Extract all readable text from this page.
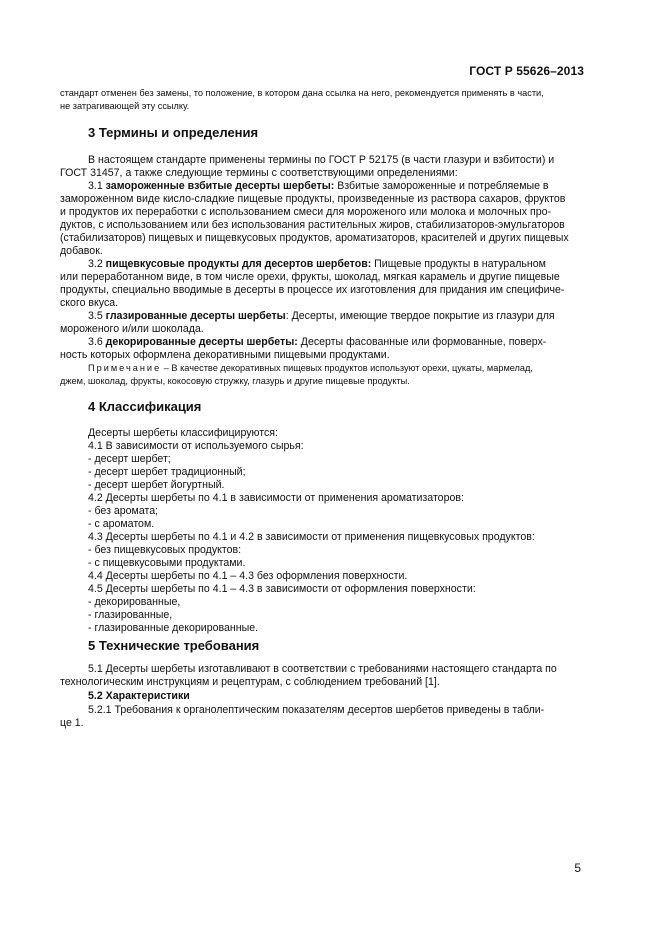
ГОСТ Р 55626–2013
стандарт отменен без замены, то положение, в котором дана ссылка на него, рекомендуется применять в части,
не затрагивающей эту ссылку.
3 Термины и определения
В настоящем стандарте применены термины по ГОСТ Р 52175 (в части глазури и взбитости) и
ГОСТ 31457, а также следующие термины с соответствующими определениями:
3.1 замороженные взбитые десерты шербеты: Взбитые замороженные и потребляемые в
замороженном виде кисло-сладкие пищевые продукты, произведенные из раствора сахаров, фруктов
и продуктов их переработки с использованием смеси для мороженого или молока и молочных про-
дуктов, с использованием или без использования растительных жиров, стабилизаторов-эмульгаторов
(стабилизаторов) пищевых и пищевкусовых продуктов, ароматизаторов, красителей и других пищевых
добавок.
3.2 пищевкусовые продукты для десертов шербетов: Пищевые продукты в натуральном
или переработанном виде, в том числе орехи, фрукты, шоколад, мягкая карамель и другие пищевые
продукты, специально вводимые в десерты в процессе их изготовления для придания им специфиче-
ского вкуса.
3.5 глазированные десерты шербеты: Десерты, имеющие твердое покрытие из глазури для
мороженого и/или шоколада.
3.6 декорированные десерты шербеты: Десерты фасованные или формованные, поверх-
ность которых оформлена декоративными пищевыми продуктами.
Примечание – В качестве декоративных пищевых продуктов используют орехи, цукаты, мармелад,
джем, шоколад, фрукты, кокосовую стружку, глазурь и другие пищевые продукты.
4 Классификация
Десерты шербеты классифицируются:
4.1 В зависимости от используемого сырья:
- десерт шербет;
- десерт шербет традиционный;
- десерт шербет йогуртный.
4.2 Десерты шербеты по 4.1 в зависимости от применения ароматизаторов:
- без аромата;
- с ароматом.
4.3 Десерты шербеты по 4.1 и 4.2 в зависимости от применения пищевкусовых продуктов:
- без пищевкусовых продуктов:
- с пищевкусовыми продуктами.
4.4 Десерты шербеты по 4.1 – 4.3 без оформления поверхности.
4.5 Десерты шербеты по 4.1 – 4.3 в зависимости от оформления поверхности:
- декорированные,
- глазированные,
- глазированные декорированные.
5 Технические требования
5.1 Десерты шербеты изготавливают в соответствии с требованиями настоящего стандарта по
технологическим инструкциям и рецептурам, с соблюдением требований [1].
5.2 Характеристики
5.2.1 Требования к органолептическим показателям десертов шербетов приведены в табли-
це 1.
5
